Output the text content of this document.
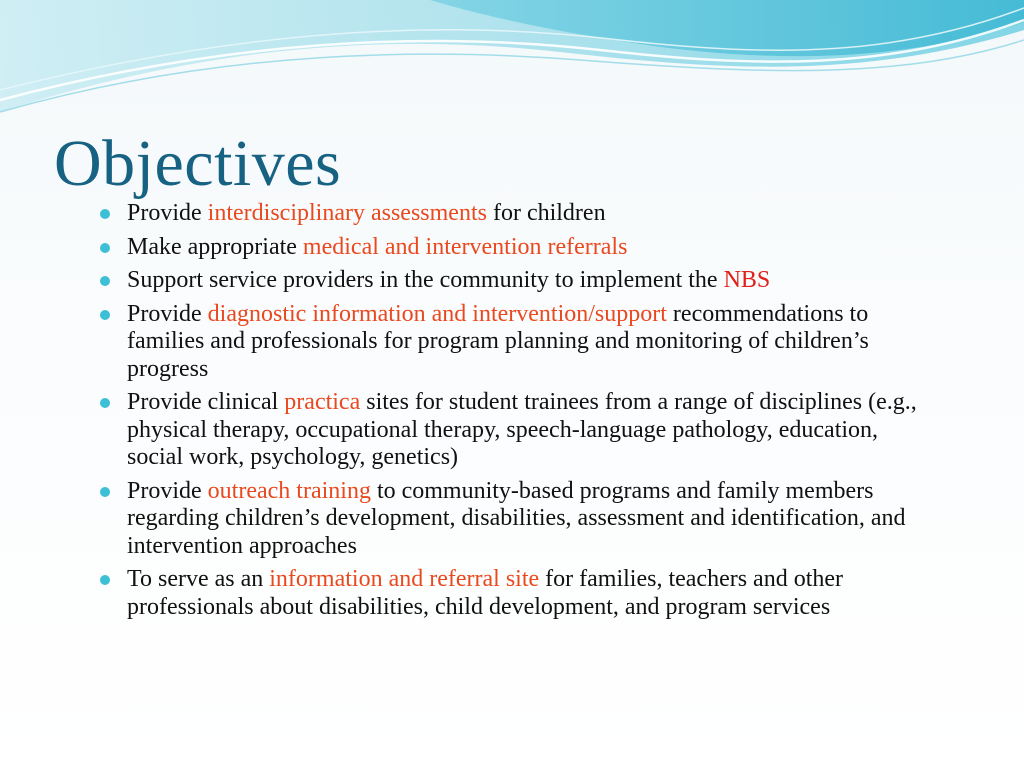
Objectives
Provide interdisciplinary assessments for children
Make appropriate medical and intervention referrals
Support service providers in the community to implement the NBS
Provide diagnostic information and intervention/support recommendations to families and professionals for program planning and monitoring of children’s progress
Provide clinical practica sites for student trainees from a range of disciplines (e.g., physical therapy, occupational therapy, speech-language pathology, education, social work, psychology, genetics)
Provide outreach training to community-based programs and family members regarding children’s development, disabilities, assessment and identification, and intervention approaches
To serve as an information and referral site for families, teachers and other professionals about disabilities, child development, and program services
